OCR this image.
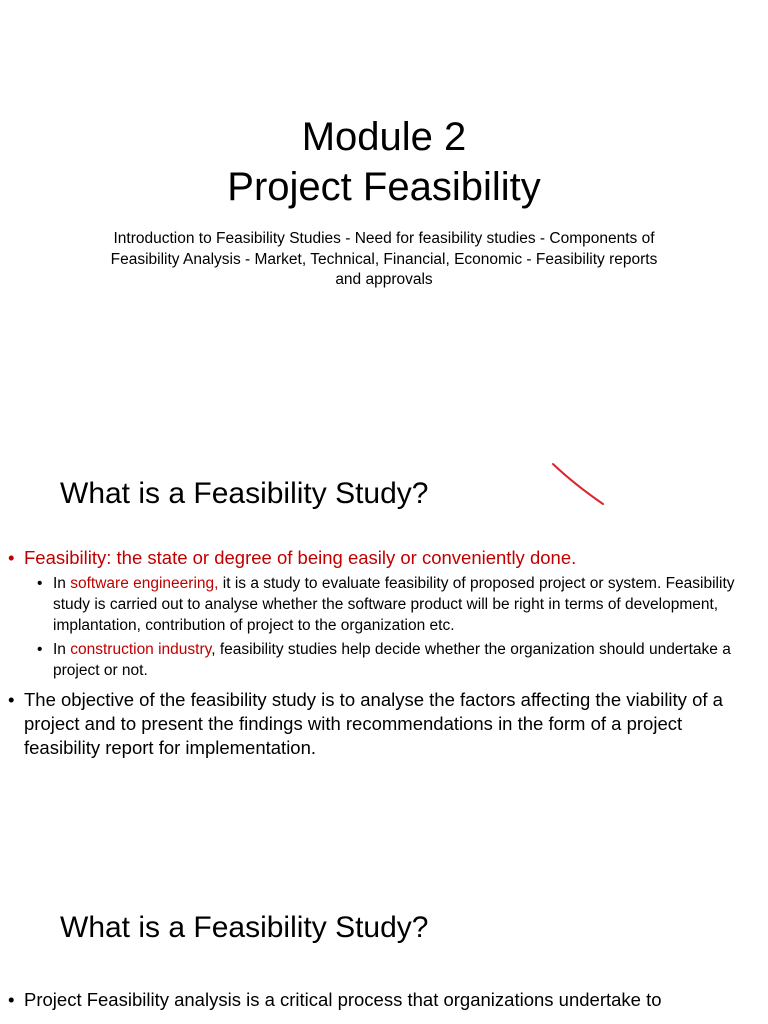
Module 2
Project Feasibility
Introduction to Feasibility Studies - Need for feasibility studies - Components of Feasibility Analysis - Market, Technical, Financial, Economic - Feasibility reports and approvals
What is a Feasibility Study?
• Feasibility: the state or degree of being easily or conveniently done.
• In software engineering, it is a study to evaluate feasibility of proposed project or system. Feasibility study is carried out to analyse whether the software product will be right in terms of development, implantation, contribution of project to the organization etc.
• In construction industry, feasibility studies help decide whether the organization should undertake a project or not.
• The objective of the feasibility study is to analyse the factors affecting the viability of a project and to present the findings with recommendations in the form of a project feasibility report for implementation.
What is a Feasibility Study?
• Project Feasibility analysis is a critical process that organizations undertake to
